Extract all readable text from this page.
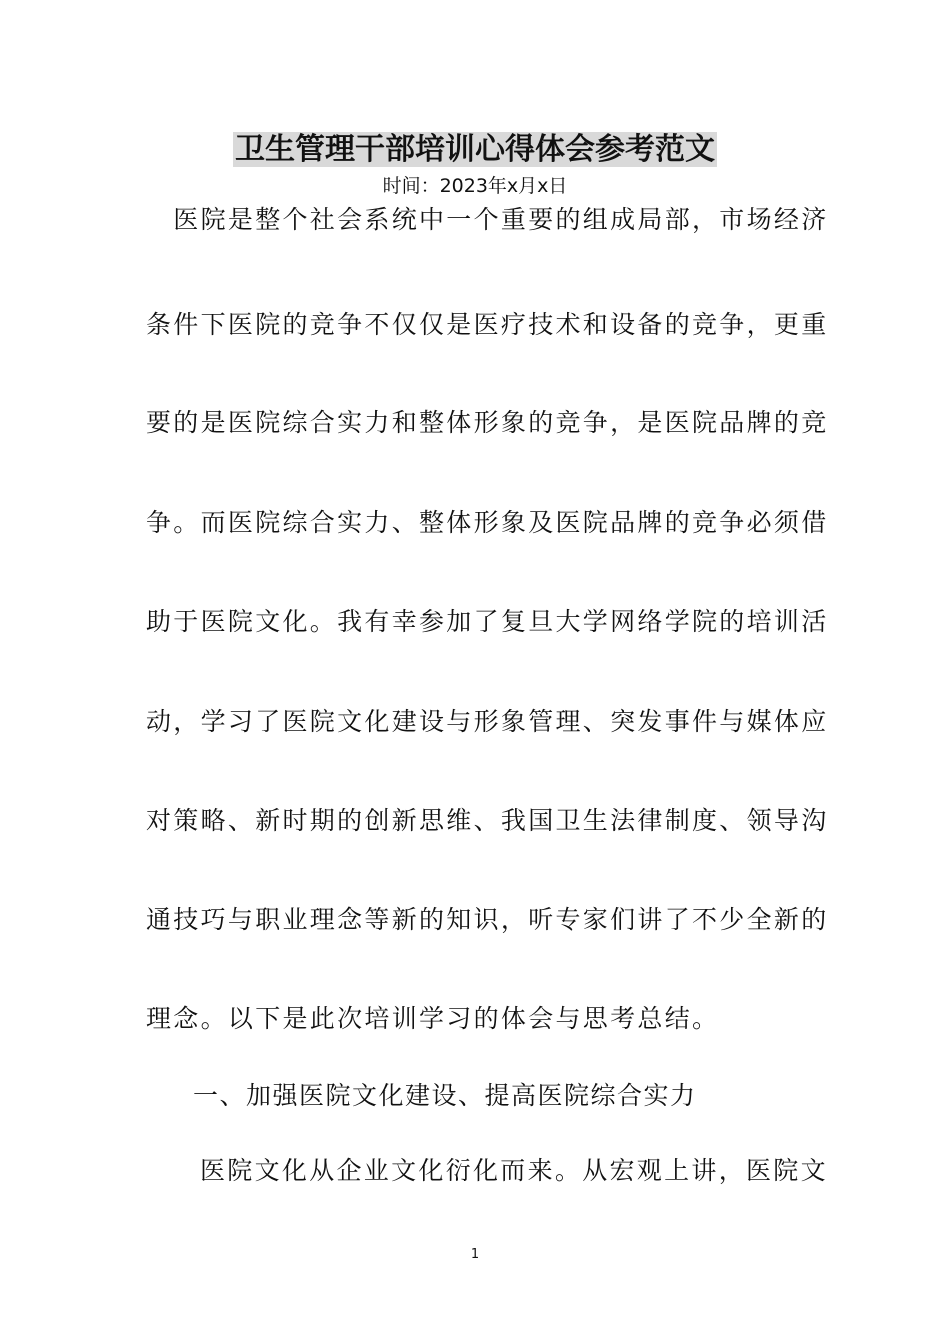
卫生管理干部培训心得体会参考范文
时间：2023年x月x日
　医院是整个社会系统中一个重要的组成局部，市场经济
条件下医院的竞争不仅仅是医疗技术和设备的竞争，更重
要的是医院综合实力和整体形象的竞争，是医院品牌的竞
争。而医院综合实力、整体形象及医院品牌的竞争必须借
助于医院文化。我有幸参加了复旦大学网络学院的培训活
动，学习了医院文化建设与形象管理、突发事件与媒体应
对策略、新时期的创新思维、我国卫生法律制度、领导沟
通技巧与职业理念等新的知识，听专家们讲了不少全新的
理念。以下是此次培训学习的体会与思考总结。
一、加强医院文化建设、提高医院综合实力
医院文化从企业文化衍化而来。从宏观上讲，医院文
1
